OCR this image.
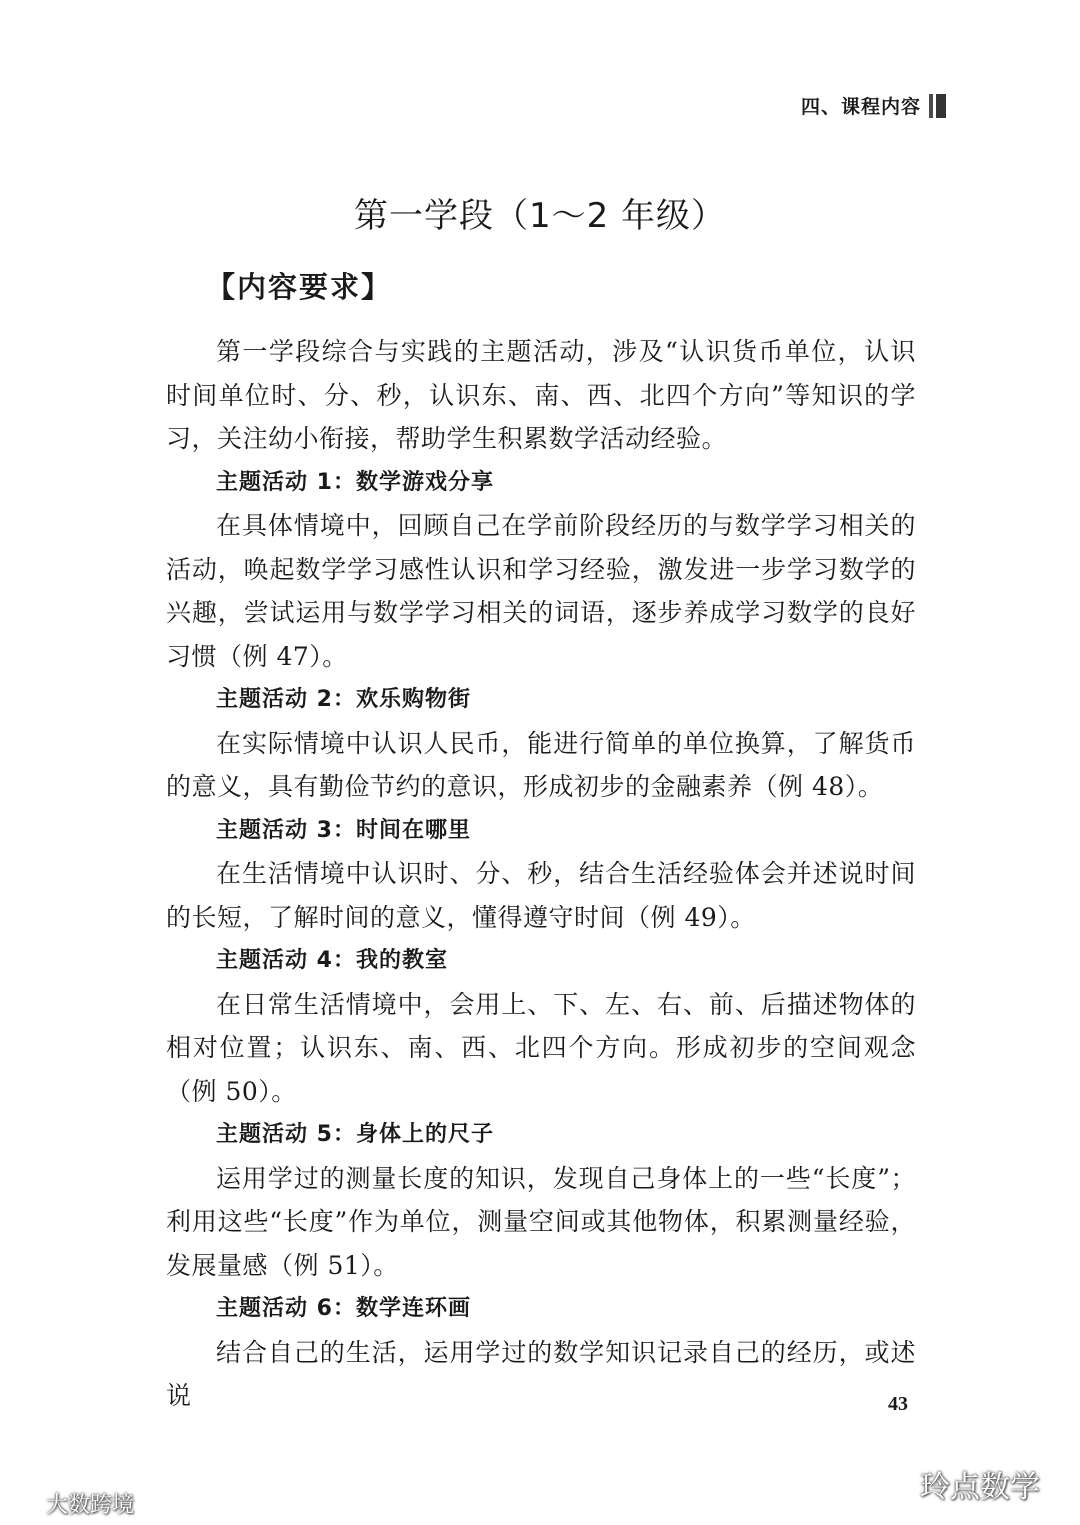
四、课程内容
第一学段（1～2 年级）
【内容要求】

第一学段综合与实践的主题活动，涉及“认识货币单位，认识时间单位时、分、秒，认识东、南、西、北四个方向”等知识的学习，关注幼小衔接，帮助学生积累数学活动经验。

主题活动 1：数学游戏分享

在具体情境中，回顾自己在学前阶段经历的与数学学习相关的活动，唤起数学学习感性认识和学习经验，激发进一步学习数学的兴趣，尝试运用与数学学习相关的词语，逐步养成学习数学的良好习惯（例 47）。

主题活动 2：欢乐购物街

在实际情境中认识人民币，能进行简单的单位换算，了解货币的意义，具有勤俭节约的意识，形成初步的金融素养（例 48）。

主题活动 3：时间在哪里

在生活情境中认识时、分、秒，结合生活经验体会并述说时间的长短，了解时间的意义，懂得遵守时间（例 49）。

主题活动 4：我的教室

在日常生活情境中，会用上、下、左、右、前、后描述物体的相对位置；认识东、南、西、北四个方向。形成初步的空间观念（例 50）。

主题活动 5：身体上的尺子

运用学过的测量长度的知识，发现自己身体上的一些“长度”；利用这些“长度”作为单位，测量空间或其他物体，积累测量经验，发展量感（例 51）。

主题活动 6：数学连环画

结合自己的生活，运用学过的数学知识记录自己的经历，或述说	43
大数跨境
玲点数学
